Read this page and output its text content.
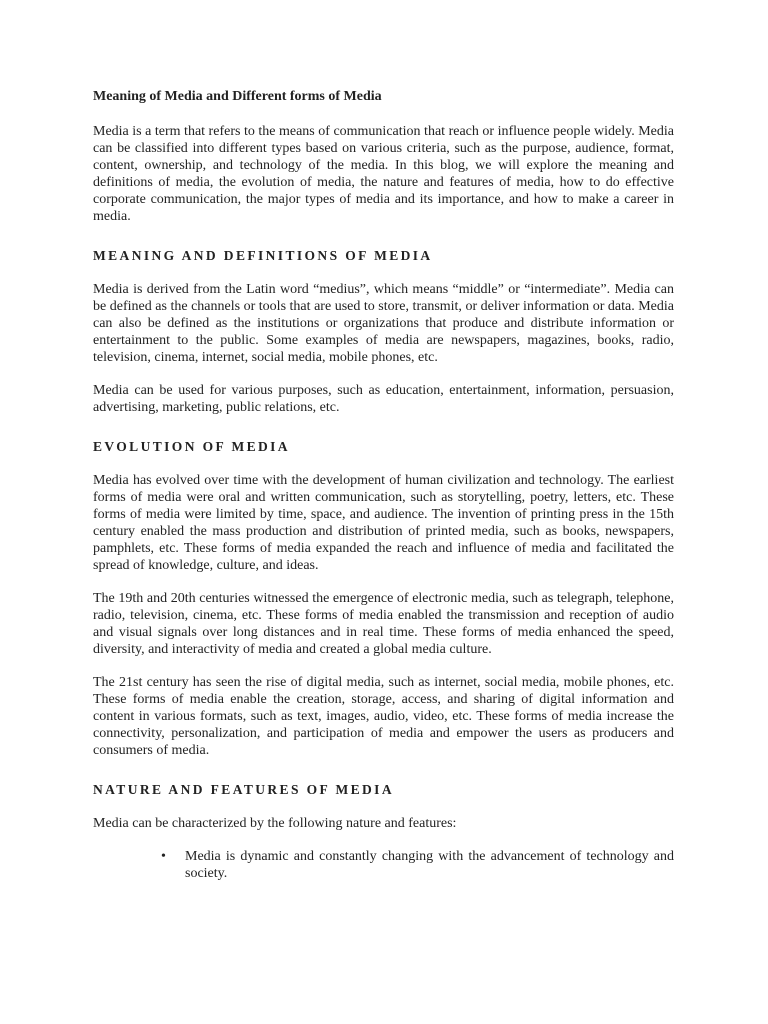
Meaning of Media and Different forms of Media

Media is a term that refers to the means of communication that reach or influence people widely. Media can be classified into different types based on various criteria, such as the purpose, audience, format, content, ownership, and technology of the media. In this blog, we will explore the meaning and definitions of media, the evolution of media, the nature and features of media, how to do effective corporate communication, the major types of media and its importance, and how to make a career in media.

MEANING AND DEFINITIONS OF MEDIA

Media is derived from the Latin word “medius”, which means “middle” or “intermediate”. Media can be defined as the channels or tools that are used to store, transmit, or deliver information or data. Media can also be defined as the institutions or organizations that produce and distribute information or entertainment to the public. Some examples of media are newspapers, magazines, books, radio, television, cinema, internet, social media, mobile phones, etc.

Media can be used for various purposes, such as education, entertainment, information, persuasion, advertising, marketing, public relations, etc.

EVOLUTION OF MEDIA

Media has evolved over time with the development of human civilization and technology. The earliest forms of media were oral and written communication, such as storytelling, poetry, letters, etc. These forms of media were limited by time, space, and audience. The invention of printing press in the 15th century enabled the mass production and distribution of printed media, such as books, newspapers, pamphlets, etc. These forms of media expanded the reach and influence of media and facilitated the spread of knowledge, culture, and ideas.

The 19th and 20th centuries witnessed the emergence of electronic media, such as telegraph, telephone, radio, television, cinema, etc. These forms of media enabled the transmission and reception of audio and visual signals over long distances and in real time. These forms of media enhanced the speed, diversity, and interactivity of media and created a global media culture.

The 21st century has seen the rise of digital media, such as internet, social media, mobile phones, etc. These forms of media enable the creation, storage, access, and sharing of digital information and content in various formats, such as text, images, audio, video, etc. These forms of media increase the connectivity, personalization, and participation of media and empower the users as producers and consumers of media.

NATURE AND FEATURES OF MEDIA

Media can be characterized by the following nature and features:

• Media is dynamic and constantly changing with the advancement of technology and society.
